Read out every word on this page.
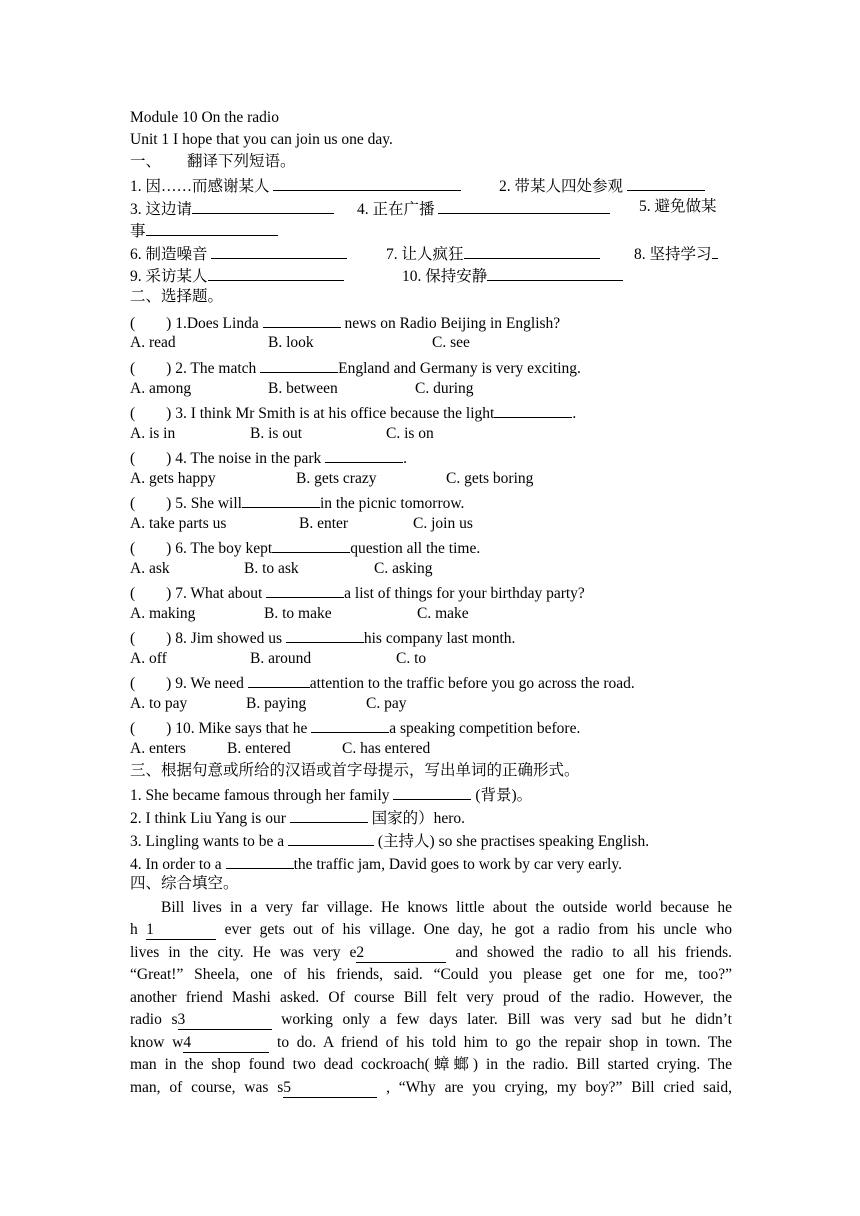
Module 10 On the radio
Unit 1 I hope that you can join us one day.
一、 翻译下列短语。
1. 因……而感谢某人	2. 带某人四处参观
3. 这边请	4. 正在广播	5. 避免做某
事
6. 制造噪音	7. 让人疯狂	8. 坚持学习
9. 采访某人	10. 保持安静
二、选择题。
(        ) 1.Does Linda	news on Radio Beijing in English?
A. read	B. look	C. see
(        ) 2. The match	England and Germany is very exciting.
A. among	B. between	C. during
(        ) 3. I think Mr Smith is at his office because the light	.
A. is in	B. is out	C. is on
(        ) 4. The noise in the park	.
A. gets happy	B. gets crazy	C. gets boring
(        ) 5. She will	in the picnic tomorrow.
A. take parts us	B. enter	C. join us
(        ) 6. The boy kept	question all the time.
A. ask	B. to ask	C. asking
(        ) 7. What about	a list of things for your birthday party?
A. making	B. to make	C. make
(        ) 8. Jim showed us	his company last month.
A. off	B. around	C. to
(        ) 9. We need	attention to the traffic before you go across the road.
A. to pay	B. paying	C. pay
(        ) 10. Mike says that he	a speaking competition before.
A. enters	B. entered	C. has entered
三、根据句意或所给的汉语或首字母提示，写出单词的正确形式。
1. She became famous through her family	(背景)。
2. I think Liu Yang is our	国家的）hero.
3. Lingling wants to be a	(主持人) so she practises speaking English.
4. In order to a	the traffic jam, David goes to work by car very early.
四、综合填空。
Bill lives in a very far village. He knows little about the outside world because he
h 1	ever gets out of his village. One day, he got a radio from his uncle who
lives in the city. He was very e2	and showed the radio to all his friends.
“Great!” Sheela, one of his friends, said. “Could you please get one for me, too?”
another friend Mashi asked. Of course Bill felt very proud of the radio. However, the
radio s3	working only a few days later. Bill was very sad but he didn’t
know w4	to do. A friend of his told him to go the repair shop in town. The
man in the shop found two dead cockroach(蟑螂) in the radio. Bill started crying. The
man, of course, was s5	, “Why are you crying, my boy?” Bill cried said,
